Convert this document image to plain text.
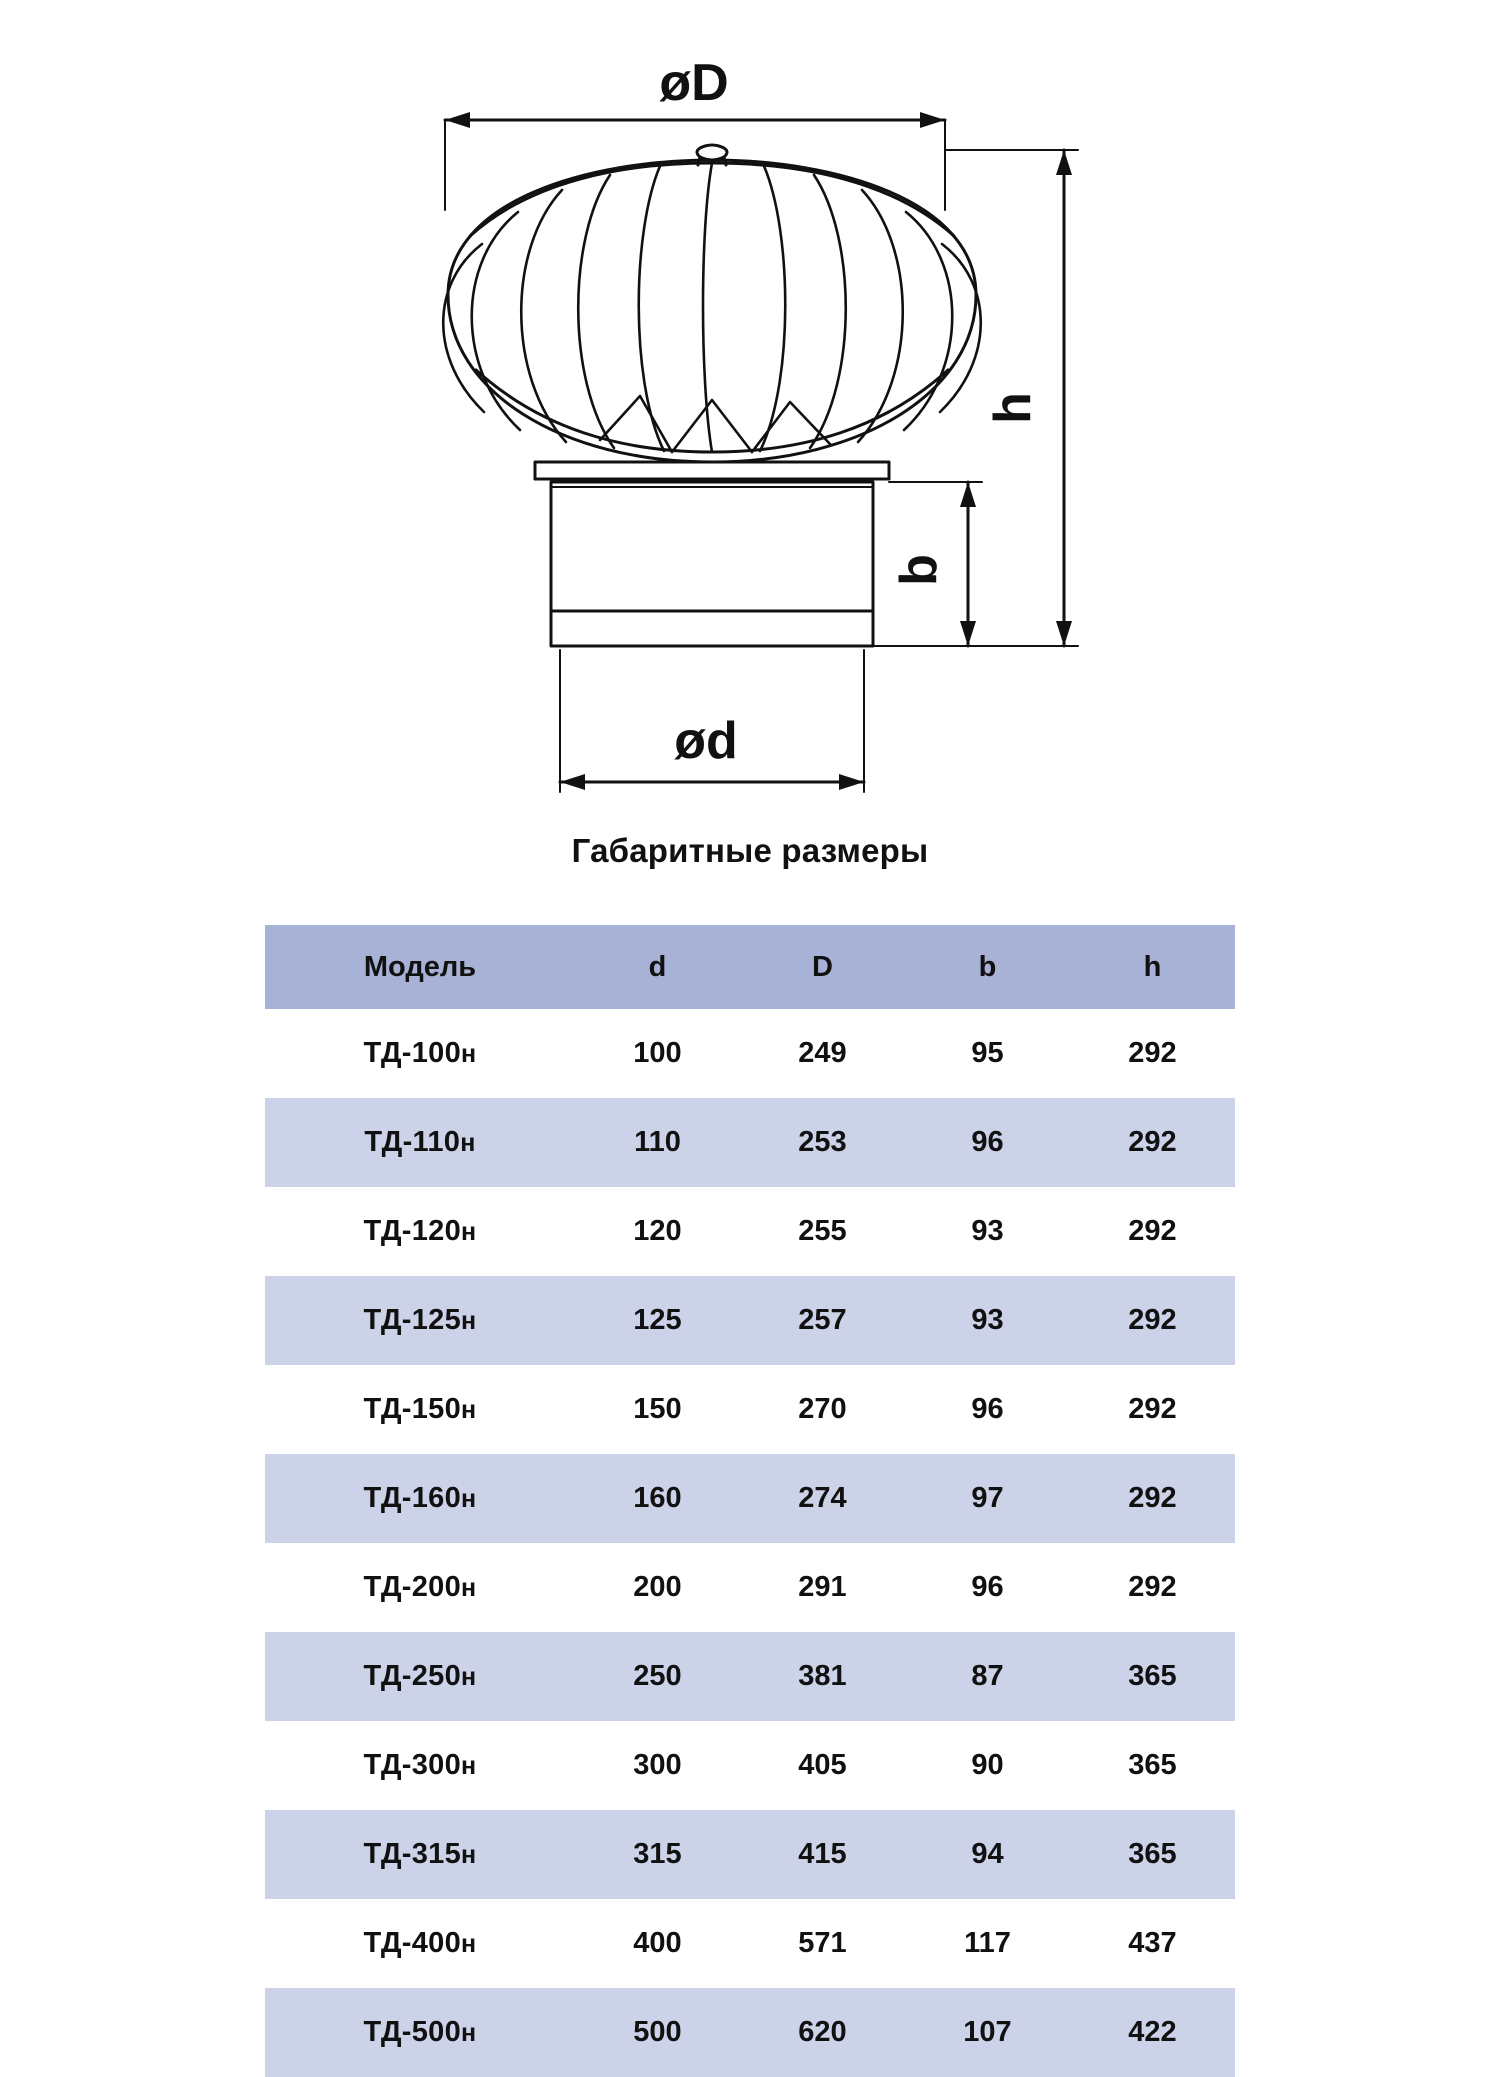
øD
ød
h
b
Габаритные размеры
Модель	d	D	b	h
ТД-100н	100	249	95	292
ТД-110н	110	253	96	292
ТД-120н	120	255	93	292
ТД-125н	125	257	93	292
ТД-150н	150	270	96	292
ТД-160н	160	274	97	292
ТД-200н	200	291	96	292
ТД-250н	250	381	87	365
ТД-300н	300	405	90	365
ТД-315н	315	415	94	365
ТД-400н	400	571	117	437
ТД-500н	500	620	107	422
